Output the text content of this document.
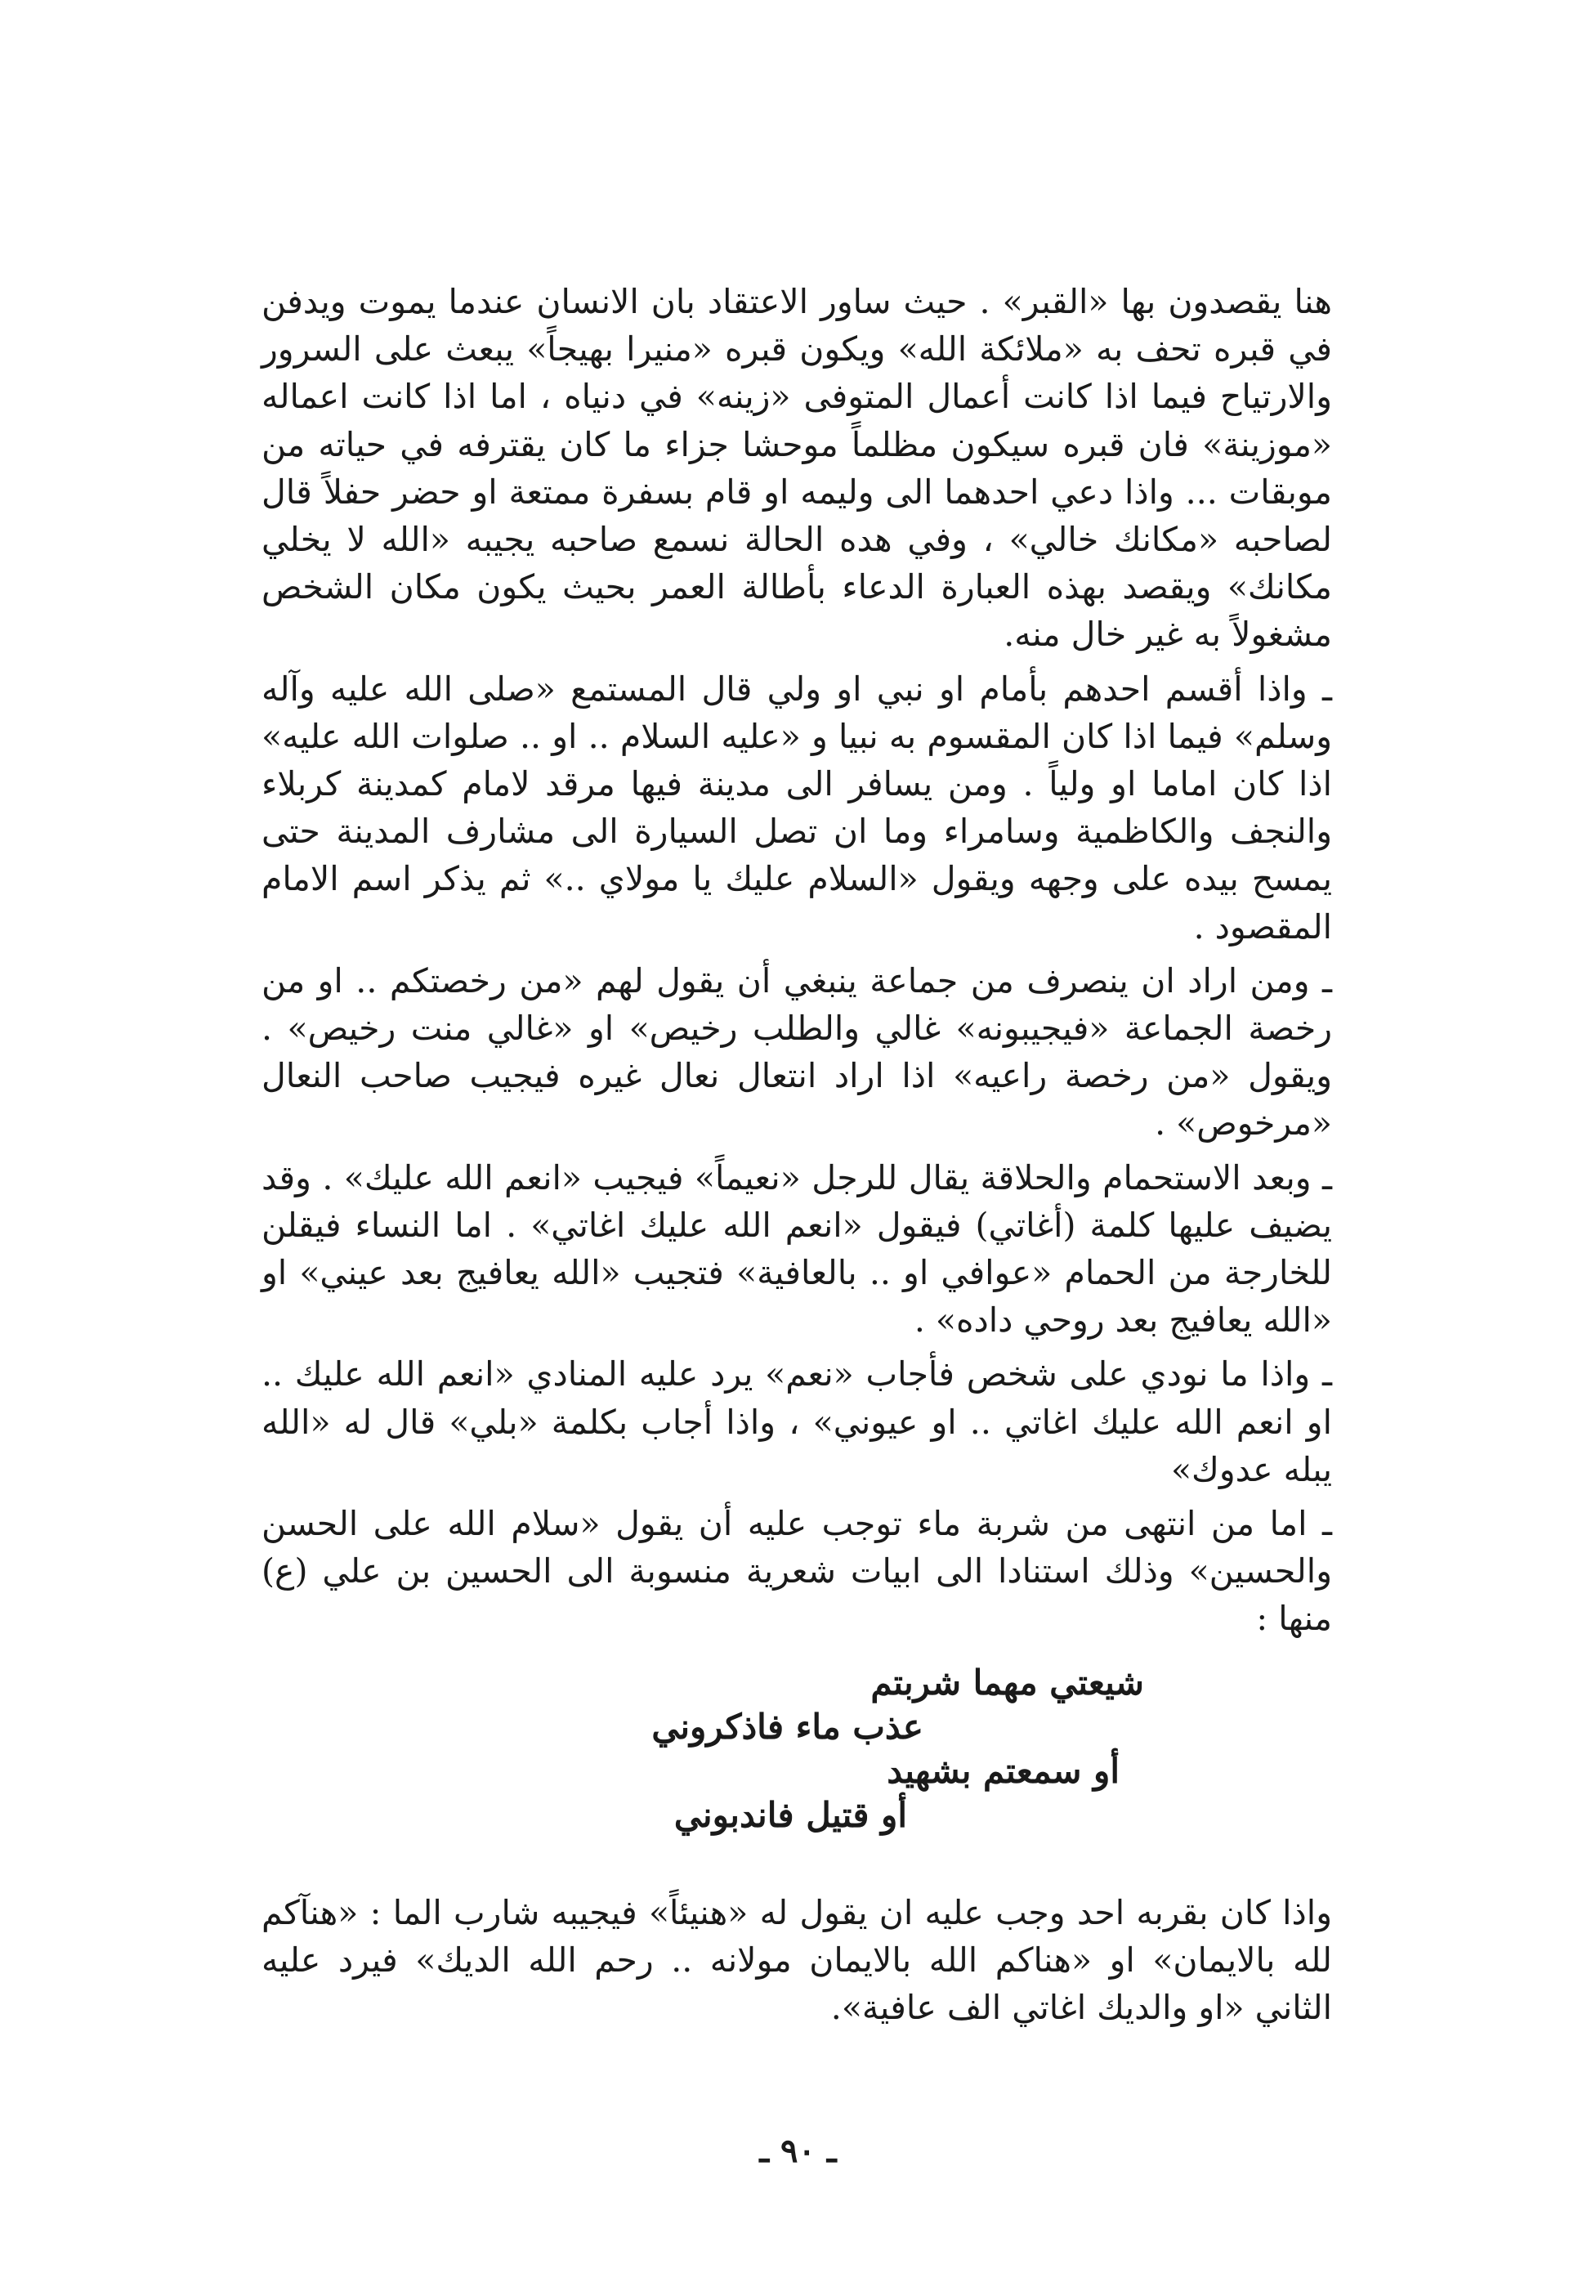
هنا يقصدون بها «القبر» . حيث ساور الاعتقاد بان الانسان عندما يموت ويدفن في قبره تحف به «ملائكة الله» ويكون قبره «منيرا بهيجاً» يبعث على السرور والارتياح فيما اذا كانت أعمال المتوفى «زينه» في دنياه ، اما اذا كانت اعماله «موزينة» فان قبره سيكون مظلماً موحشا جزاء ما كان يقترفه في حياته من موبقات ... واذا دعي احدهما الى وليمه او قام بسفرة ممتعة او حضر حفلاً قال لصاحبه «مكانك خالي» ، وفي هده الحالة نسمع صاحبه يجيبه «الله لا يخلي مكانك» ويقصد بهذه العبارة الدعاء بأطالة العمر بحيث يكون مكان الشخص مشغولاً به غير خال منه.

ـ واذا أقسم احدهم بأمام او نبي او ولي قال المستمع «صلى الله عليه وآله وسلم» فيما اذا كان المقسوم به نبيا و «عليه السلام .. او .. صلوات الله عليه» اذا كان اماما او ولياً . ومن يسافر الى مدينة فيها مرقد لامام كمدينة كربلاء والنجف والكاظمية وسامراء وما ان تصل السيارة الى مشارف المدينة حتى يمسح بيده على وجهه ويقول «السلام عليك يا مولاي ..» ثم يذكر اسم الامام المقصود .

ـ ومن اراد ان ينصرف من جماعة ينبغي أن يقول لهم «من رخصتكم .. او من رخصة الجماعة «فيجيبونه» غالي والطلب رخيص» او «غالي منت رخيص» . ويقول «من رخصة راعيه» اذا اراد انتعال نعال غيره فيجيب صاحب النعال «مرخوص» .

ـ وبعد الاستحمام والحلاقة يقال للرجل «نعيماً» فيجيب «انعم الله عليك» . وقد يضيف عليها كلمة (أغاتي) فيقول «انعم الله عليك اغاتي» . اما النساء فيقلن للخارجة من الحمام «عوافي او .. بالعافية» فتجيب «الله يعافيج بعد عيني» او «الله يعافيج بعد روحي داده» .

ـ واذا ما نودي على شخص فأجاب «نعم» يرد عليه المنادي «انعم الله عليك .. او انعم الله عليك اغاتي .. او عيوني» ، واذا أجاب بكلمة «بلي» قال له «الله يبله عدوك»

ـ اما من انتهى من شربة ماء توجب عليه أن يقول «سلام الله على الحسن والحسين» وذلك استنادا الى ابيات شعرية منسوبة الى الحسين بن علي (ع) منها :

شيعتي مهما شربتم
عذب ماء فاذكروني
أو سمعتم بشهيد
أو قتيل فاندبوني

واذا كان بقربه احد وجب عليه ان يقول له «هنيئاً» فيجيبه شارب الما : «هنآكم لله بالايمان» او «هناكم الله بالايمان مولانه .. رحم الله الديك» فيرد عليه الثاني «او والديك اغاتي الف عافية».

ـ ٩٠ ـ
